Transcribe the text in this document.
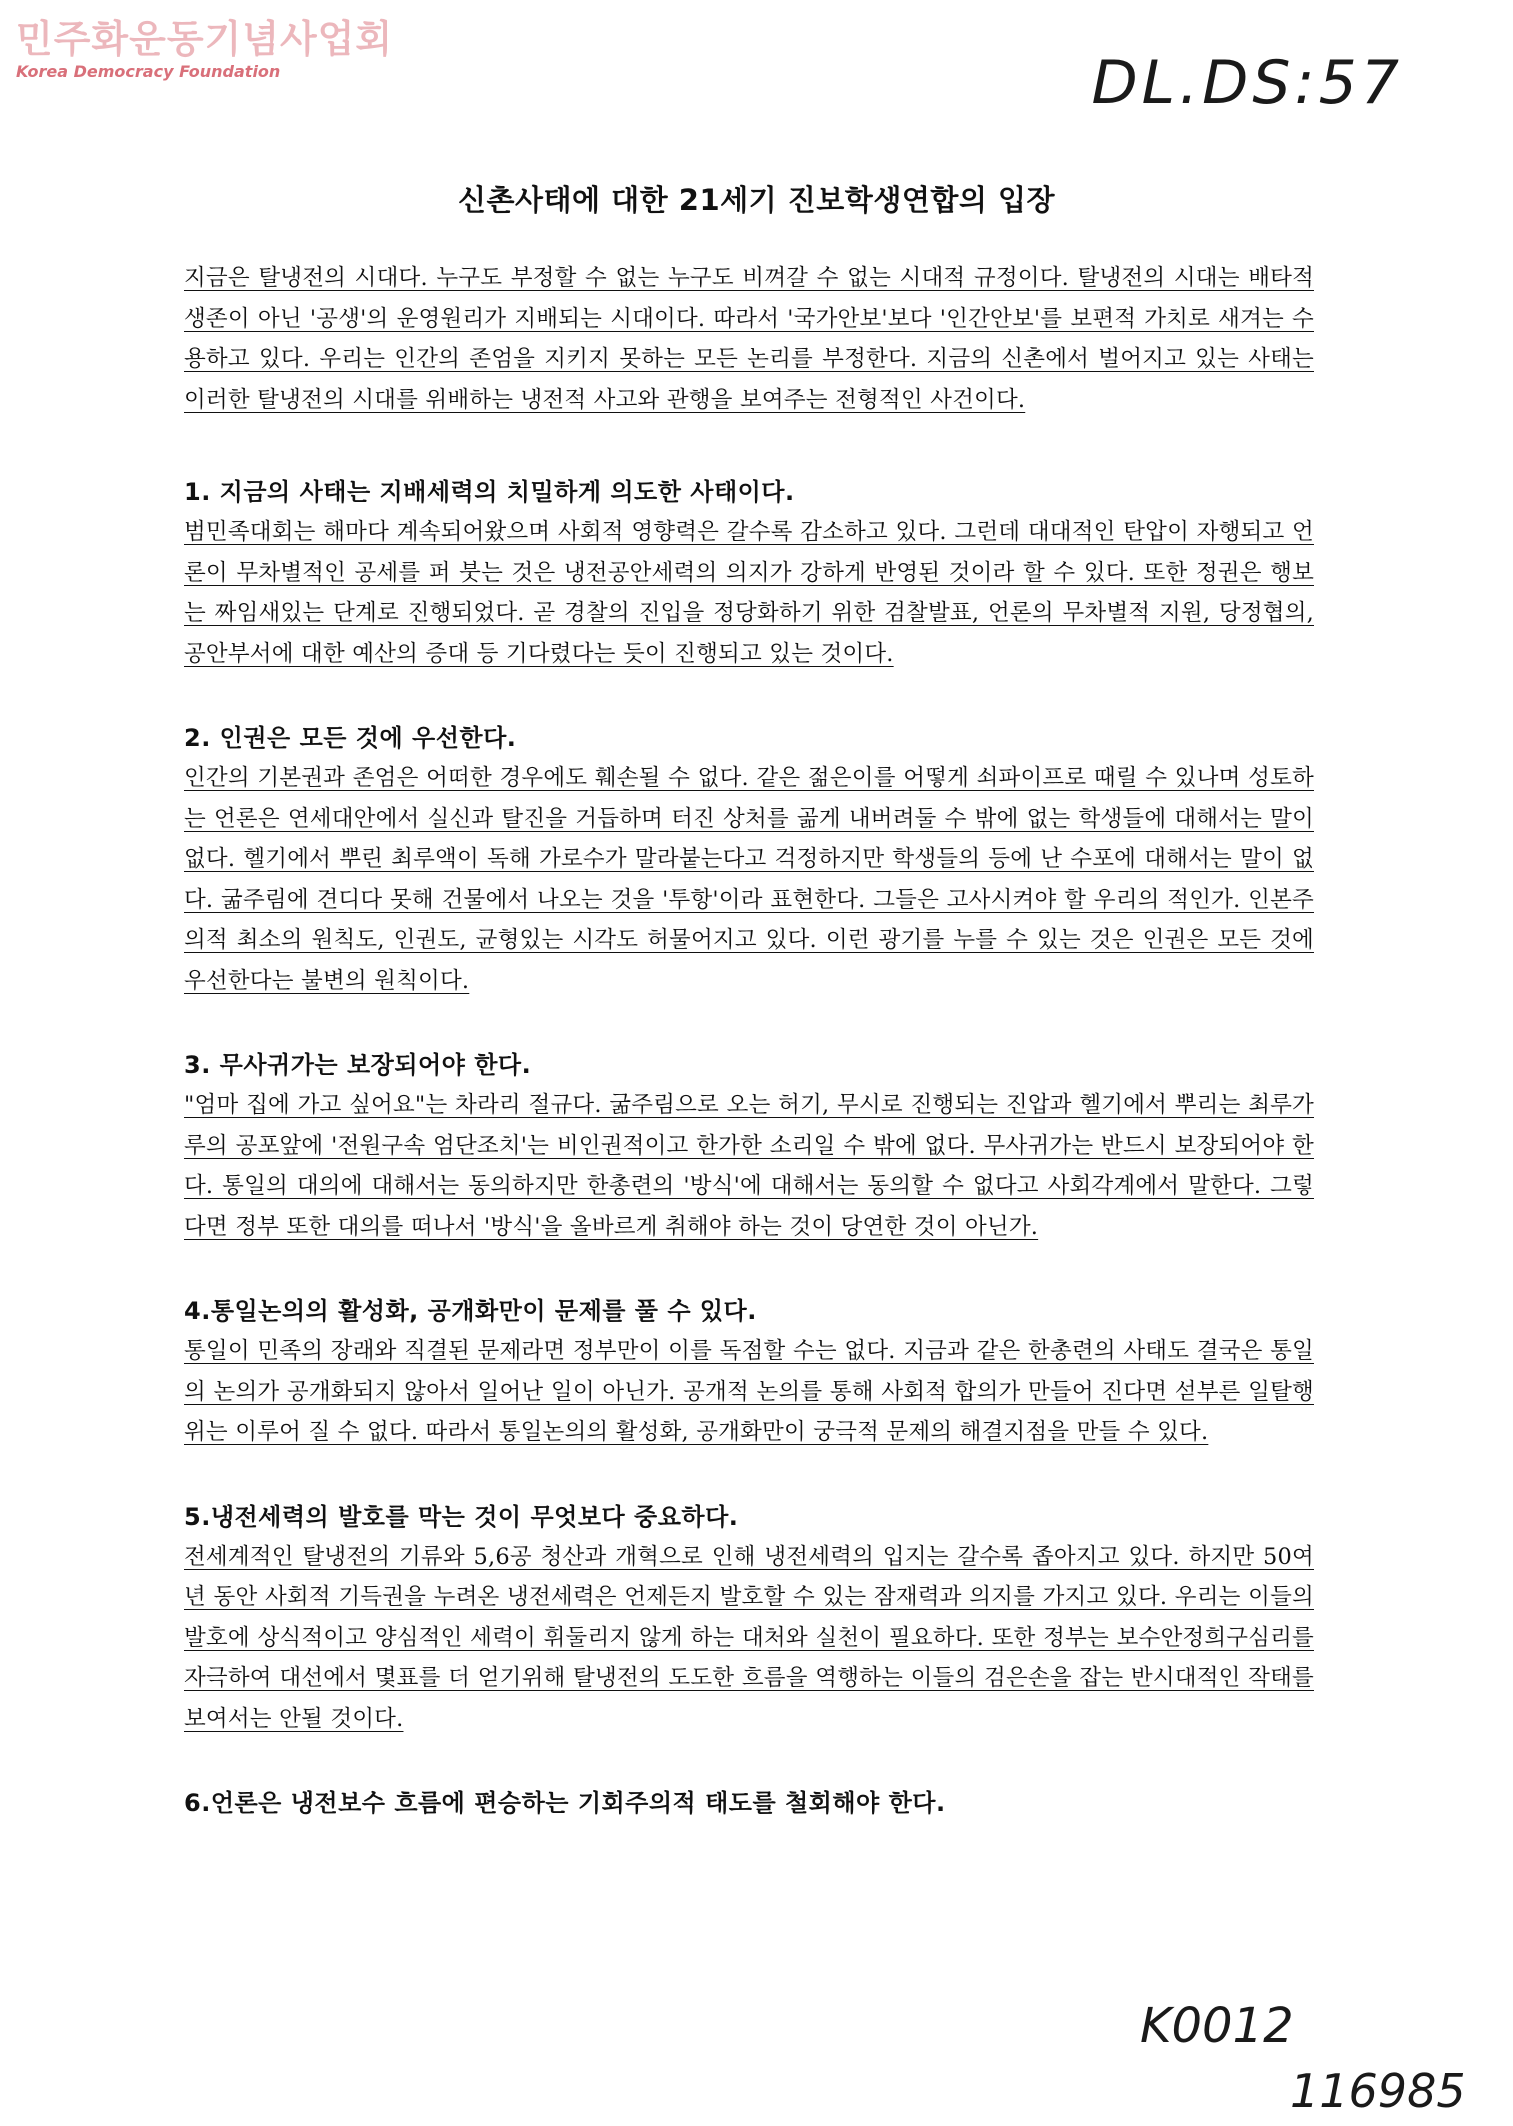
민주화운동기념사업회
Korea Democracy Foundation	DL.DS:57
신촌사태에 대한 21세기 진보학생연합의 입장

지금은 탈냉전의 시대다. 누구도 부정할 수 없는 누구도 비껴갈 수 없는 시대적 규정이다. 탈냉전의 시대는 배타적 생존이 아닌 '공생'의 운영원리가 지배되는 시대이다. 따라서 '국가안보'보다 '인간안보'를 보편적 가치로 새겨는 수용하고 있다. 우리는 인간의 존엄을 지키지 못하는 모든 논리를 부정한다. 지금의 신촌에서 벌어지고 있는 사태는 이러한 탈냉전의 시대를 위배하는 냉전적 사고와 관행을 보여주는 전형적인 사건이다.

1. 지금의 사태는 지배세력의 치밀하게 의도한 사태이다.

범민족대회는 해마다 계속되어왔으며 사회적 영향력은 갈수록 감소하고 있다. 그런데 대대적인 탄압이 자행되고 언론이 무차별적인 공세를 퍼 붓는 것은 냉전공안세력의 의지가 강하게 반영된 것이라 할 수 있다. 또한 정권은 행보는 짜임새있는 단계로 진행되었다. 곧 경찰의 진입을 정당화하기 위한 검찰발표, 언론의 무차별적 지원, 당정협의, 공안부서에 대한 예산의 증대 등 기다렸다는 듯이 진행되고 있는 것이다.

2. 인권은 모든 것에 우선한다.

인간의 기본권과 존엄은 어떠한 경우에도 훼손될 수 없다. 같은 젊은이를 어떻게 쇠파이프로 때릴 수 있나며 성토하는 언론은 연세대안에서 실신과 탈진을 거듭하며 터진 상처를 곪게 내버려둘 수 밖에 없는 학생들에 대해서는 말이 없다. 헬기에서 뿌린 최루액이 독해 가로수가 말라붙는다고 걱정하지만 학생들의 등에 난 수포에 대해서는 말이 없다. 굶주림에 견디다 못해 건물에서 나오는 것을 '투항'이라 표현한다. 그들은 고사시켜야 할 우리의 적인가. 인본주의적 최소의 원칙도, 인권도, 균형있는 시각도 허물어지고 있다. 이런 광기를 누를 수 있는 것은 인권은 모든 것에 우선한다는 불변의 원칙이다.

3. 무사귀가는 보장되어야 한다.

"엄마 집에 가고 싶어요"는 차라리 절규다. 굶주림으로 오는 허기, 무시로 진행되는 진압과 헬기에서 뿌리는 최루가루의 공포앞에 '전원구속 엄단조치'는 비인권적이고 한가한 소리일 수 밖에 없다. 무사귀가는 반드시 보장되어야 한다. 통일의 대의에 대해서는 동의하지만 한총련의 '방식'에 대해서는 동의할 수 없다고 사회각계에서 말한다. 그렇다면 정부 또한 대의를 떠나서 '방식'을 올바르게 취해야 하는 것이 당연한 것이 아닌가.

4.통일논의의 활성화, 공개화만이 문제를 풀 수 있다.

통일이 민족의 장래와 직결된 문제라면 정부만이 이를 독점할 수는 없다. 지금과 같은 한총련의 사태도 결국은 통일의 논의가 공개화되지 않아서 일어난 일이 아닌가. 공개적 논의를 통해 사회적 합의가 만들어 진다면 섣부른 일탈행위는 이루어 질 수 없다. 따라서 통일논의의 활성화, 공개화만이 궁극적 문제의 해결지점을 만들 수 있다.

5.냉전세력의 발호를 막는 것이 무엇보다 중요하다.

전세계적인 탈냉전의 기류와 5,6공 청산과 개혁으로 인해 냉전세력의 입지는 갈수록 좁아지고 있다. 하지만 50여년 동안 사회적 기득권을 누려온 냉전세력은 언제든지 발호할 수 있는 잠재력과 의지를 가지고 있다. 우리는 이들의 발호에 상식적이고 양심적인 세력이 휘둘리지 않게 하는 대처와 실천이 필요하다. 또한 정부는 보수안정희구심리를 자극하여 대선에서 몇표를 더 얻기위해 탈냉전의 도도한 흐름을 역행하는 이들의 검은손을 잡는 반시대적인 작태를 보여서는 안될 것이다.

6.언론은 냉전보수 흐름에 편승하는 기회주의적 태도를 철회해야 한다.

K0012
116985
